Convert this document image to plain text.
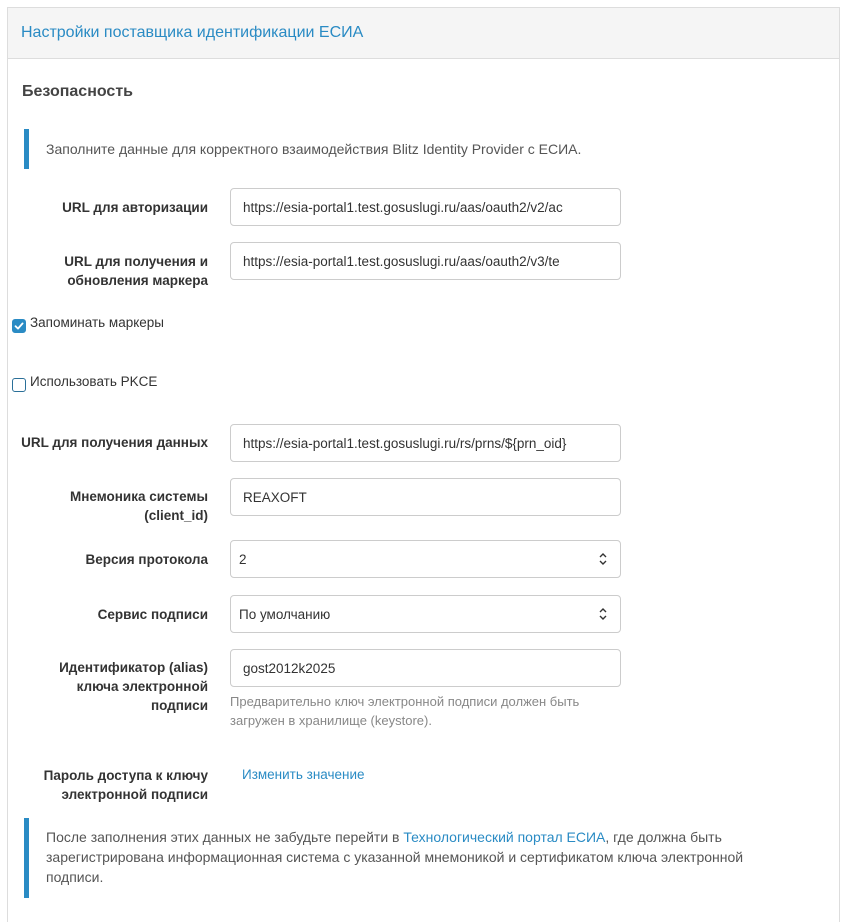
Настройки поставщика идентификации ЕСИА
Безопасность
Заполните данные для корректного взаимодействия Blitz Identity Provider с ЕСИА.
URL для авторизации	https://esia-portal1.test.gosuslugi.ru/aas/oauth2/v2/ac
URL для получения и
обновления маркера
https://esia-portal1.test.gosuslugi.ru/aas/oauth2/v3/te
Запоминать маркеры
Использовать PKCE
URL для получения данных	https://esia-portal1.test.gosuslugi.ru/rs/prns/${prn_oid}
Мнемоника системы
(client_id)
REAXOFT
Версия протокола 2
Сервис подписи По умолчанию
Идентификатор (alias)
ключа электронной
подписи
gost2012k2025
Предварительно ключ электронной подписи должен быть
загружен в хранилище (keystore).
Пароль доступа к ключу
электронной подписи
Изменить значение
После заполнения этих данных не забудьте перейти в Технологический портал ЕСИА, где должна быть
зарегистрирована информационная система с указанной мнемоникой и сертификатом ключа электронной
подписи.
